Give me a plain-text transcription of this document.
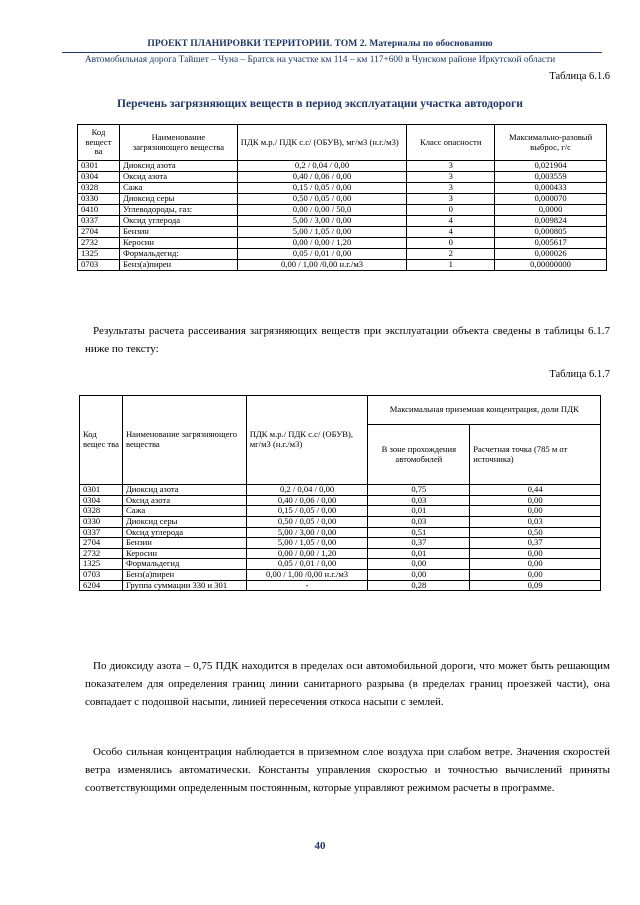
ПРОЕКТ ПЛАНИРОВКИ ТЕРРИТОРИИ. ТОМ 2. Материалы по обоснованию
Автомобильная дорога Тайшет – Чуна – Братск на участке км 114 – км 117+600 в Чунском районе Иркутской области
Таблица 6.1.6
Перечень загрязняющих веществ в период эксплуатации участка автодороги
Код вещест ва	Наименование загрязняющего вещества	ПДК м.р./ ПДК с.с/ (ОБУВ), мг/м3 (н.г./м3)	Класс опасности	Максимально-разовый выброс, г/с
0301	Диоксид азота	0,2 / 0,04 / 0,00	3	0,021904
0304	Оксид азота	0,40 / 0,06 / 0,00	3	0,003559
0328	Сажа	0,15 / 0,05 / 0,00	3	0,000433
0330	Диоксид серы	0,50 / 0,05 / 0,00	3	0,000070
0410	Углеводороды, газ:	0,00 / 0,00 / 50,0	0	0,0000
0337	Оксид углерода	5,00 / 3,00 / 0,00	4	0,009824
2704	Бензин	5,00 / 1,05 / 0,00	4	0,000805
2732	Керосин	0,00 / 0,00 / 1,20	0	0,005617
1325	Формальдегид:	0,05 / 0,01 / 0,00	2	0,000026
0703	Бенз(а)пирен	0,00 / 1,00 /0,00 н.г./м3	1	0,00000000
Результаты расчета рассеивания загрязняющих веществ при эксплуатации объекта сведены в таблицы 6.1.7 ниже по тексту:
Таблица 6.1.7
Код вещес тва	Наименование загрязняющего вещества	ПДК м.р./ ПДК с.с/ (ОБУВ), мг/м3 (н.г./м3)	Максимальная приземная концентрация, доли ПДК	
			В зоне прохождения автомобилей	Расчетная точка (785 м от источника)
0301	Диоксид азота	0,2 / 0,04 / 0,00	0,75	0,44
0304	Оксид азота	0,40 / 0,06 / 0,00	0,03	0,00
0328	Сажа	0,15 / 0,05 / 0,00	0,01	0,00
0330	Диоксид серы	0,50 / 0,05 / 0,00	0,03	0,03
0337	Оксид углерода	5,00 / 3,00 / 0,00	0,51	0,50
2704	Бензин	5,00 / 1,05 / 0,00	0,37	0,37
2732	Керосин	0,00 / 0,00 / 1,20	0,01	0,00
1325	Формальдегид	0,05 / 0,01 / 0,00	0,00	0,00
0703	Бенз(а)пирен	0,00 / 1,00 /0,00 н.г./м3	0,00	0,00
6204	Группа суммации 330 и 301	-	0,28	0,09
По диоксиду азота – 0,75 ПДК находится в пределах оси автомобильной дороги, что может быть решающим показателем для определения границ линии санитарного разрыва (в пределах границ проезжей части), она совпадает с подошвой насыпи, линией пересечения откоса насыпи с землей.
Особо сильная концентрация наблюдается в приземном слое воздуха при слабом ветре. Значения скоростей ветра изменялись автоматически. Константы управления скоростью и точностью вычислений приняты соответствующими определенным постоянным, которые управляют режимом расчеты в программе.
40
